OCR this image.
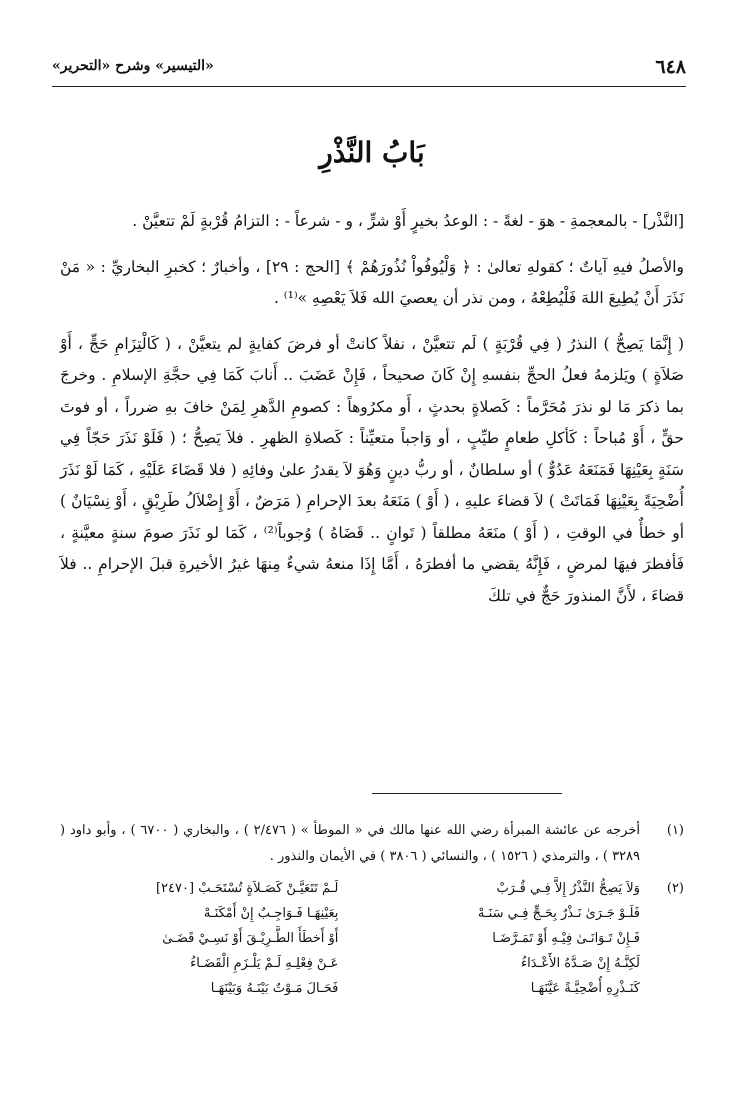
٦٤٨
«التيسير» وشرح «التحرير»
بَابُ النَّذْرِ

[النَّذْر] - بالمعجمةِ - هوَ - لغةً - : الوعدُ بخيرٍ أَوْ شرٍّ ، و - شرعاً - : التزامُ قُرْبةٍ لَمْ تتعيَّنْ .

والأصلُ فيهِ آياتٌ ؛ كقولهِ تعالىٰ : ﴿ وَلْيُوفُواْ نُذُورَهُمْ ﴾ [الحج : ٢٩] ، وأخبارٌ ؛ كخبرِ البخاريِّ : « مَنْ نَذَرَ أَنْ يُطِيعَ اللهَ فَلْيُطِعْهُ ، ومن نذر أن يعصيَ الله فَلاَ يَعْصِهِ »⁽¹⁾ .

( إِنَّمَا يَصِحُّ ) النذرُ ( فِي قُرْبَةٍ ) لَم تتعيَّنْ ، نفلاً كانتْ أو فرضَ كفايةٍ لم يتعيَّنْ ، ( كَالْتِزَامِ حَجٍّ ، أَوْ صَلاَةٍ ) ويَلزمهُ فعلُ الحجِّ بنفسهِ إِنْ كَانَ صحيحاً ، فَإِنْ عَضَبَ .. أَنابَ كَمَا فِي حجَّةِ الإسلامِ . وخرجَ بما ذكرَ مَا لو نذرَ مُحَرَّماً : كَصلاةٍ بحدثٍ ، أَو مكرُوهاً : كصومِ الدَّهرِ لِمَنْ خافَ بهِ ضرراً ، أو فوتَ حقٍّ ، أَوْ مُباحاً : كَأكلِ طعامٍ طيِّبٍ ، أو وَاجباً متعيِّناً : كَصلاةِ الظهرِ . فلاَ يَصِحُّ ؛ ( فَلَوْ نَذَرَ حَجّاً فِي سَنَةٍ بِعَيْنِهَا فَمَنَعَهُ عَدُوٌّ ) أو سلطانٌ ، أو ربُّ دينٍ وَهُوَ لاَ يقدرُ علىٰ وفائِهِ ( فلا قَضَاءَ عَلَيْهِ ، كَمَا لَوْ نَذَرَ أُضْحِيَةً بِعَيْنِهَا فَمَاتَتْ ) لاَ قضاءَ عليهِ ، ( أَوْ ) مَنَعَهُ بعدَ الإحرامِ ( مَرَضٌ ، أَوْ إِضْلاَلُ طَرِيْقٍ ، أَوْ نِسْيَانٌ ) أو خطأٌ في الوقتِ ، ( أَوْ ) منَعَهُ مطلقاً ( تَوانٍ .. قَضَاهُ ) وُجوباً⁽²⁾ ، كَمَا لو نَذَرَ صومَ سنةٍ معيَّنةٍ ، فَأفطرَ فيهَا لمرضٍ ، فَإِنَّهُ يقضي ما أفطرَهُ ، أَمَّا إِذَا منعهُ شيءٌ مِنهَا غيرُ الأخيرةِ قبلَ الإحرامِ .. فلاَ قضاءَ ، لأَنَّ المنذورَ حَجٌّ في تلكَ

(١)
أخرجه عن عائشة المبرأة رضي الله عنها مالك في « الموطأ » ( ٢/٤٧٦ ) ، والبخاري ( ٦٧٠٠ ) ، وأبو داود ( ٣٢٨٩ ) ، والترمذي ( ١٥٢٦ ) ، والنسائي ( ٣٨٠٦ ) في الأيمان والنذور .
(٢)
وَلاَ يَصِحُّ النَّذْرُ إِلاَّ فِـي قُـرَبْ
لَـمْ تَتَعَيَّـنْ كَصَـلاَةٍ تُسْتَحَـبْ [٢٤٧٠]
فَلَـوْ جَـرَىٰ نَـذْرٌ بِحَـجٍّ فِـي سَنَـهْ
بِعَيْنِهَـا فَـوَاجِـبٌ إِنْ أَمْكَنَـهْ
فَـإِنْ تَـوَانَـىٰ فِيْـهِ أَوْ تَمَـرَّضَـا
أَوْ أَخطَأَ الطَّـرِيْـقَ أَوْ نَسِـيْ قَضَـىٰ
لَكِنَّـهُ إِنْ صَـدَّهُ الأَعْـدَاءُ
عَـنْ فِعْلِـهِ لَـمْ يَلْـزَمِ الْقَضَـاءُ
كَنَـذْرِهِ أُضْحِيَّـةً عَيَّنَهَـا
فَحَـالَ مَـوْتٌ بَيْنَـهُ وَبَيْنَهَـا
